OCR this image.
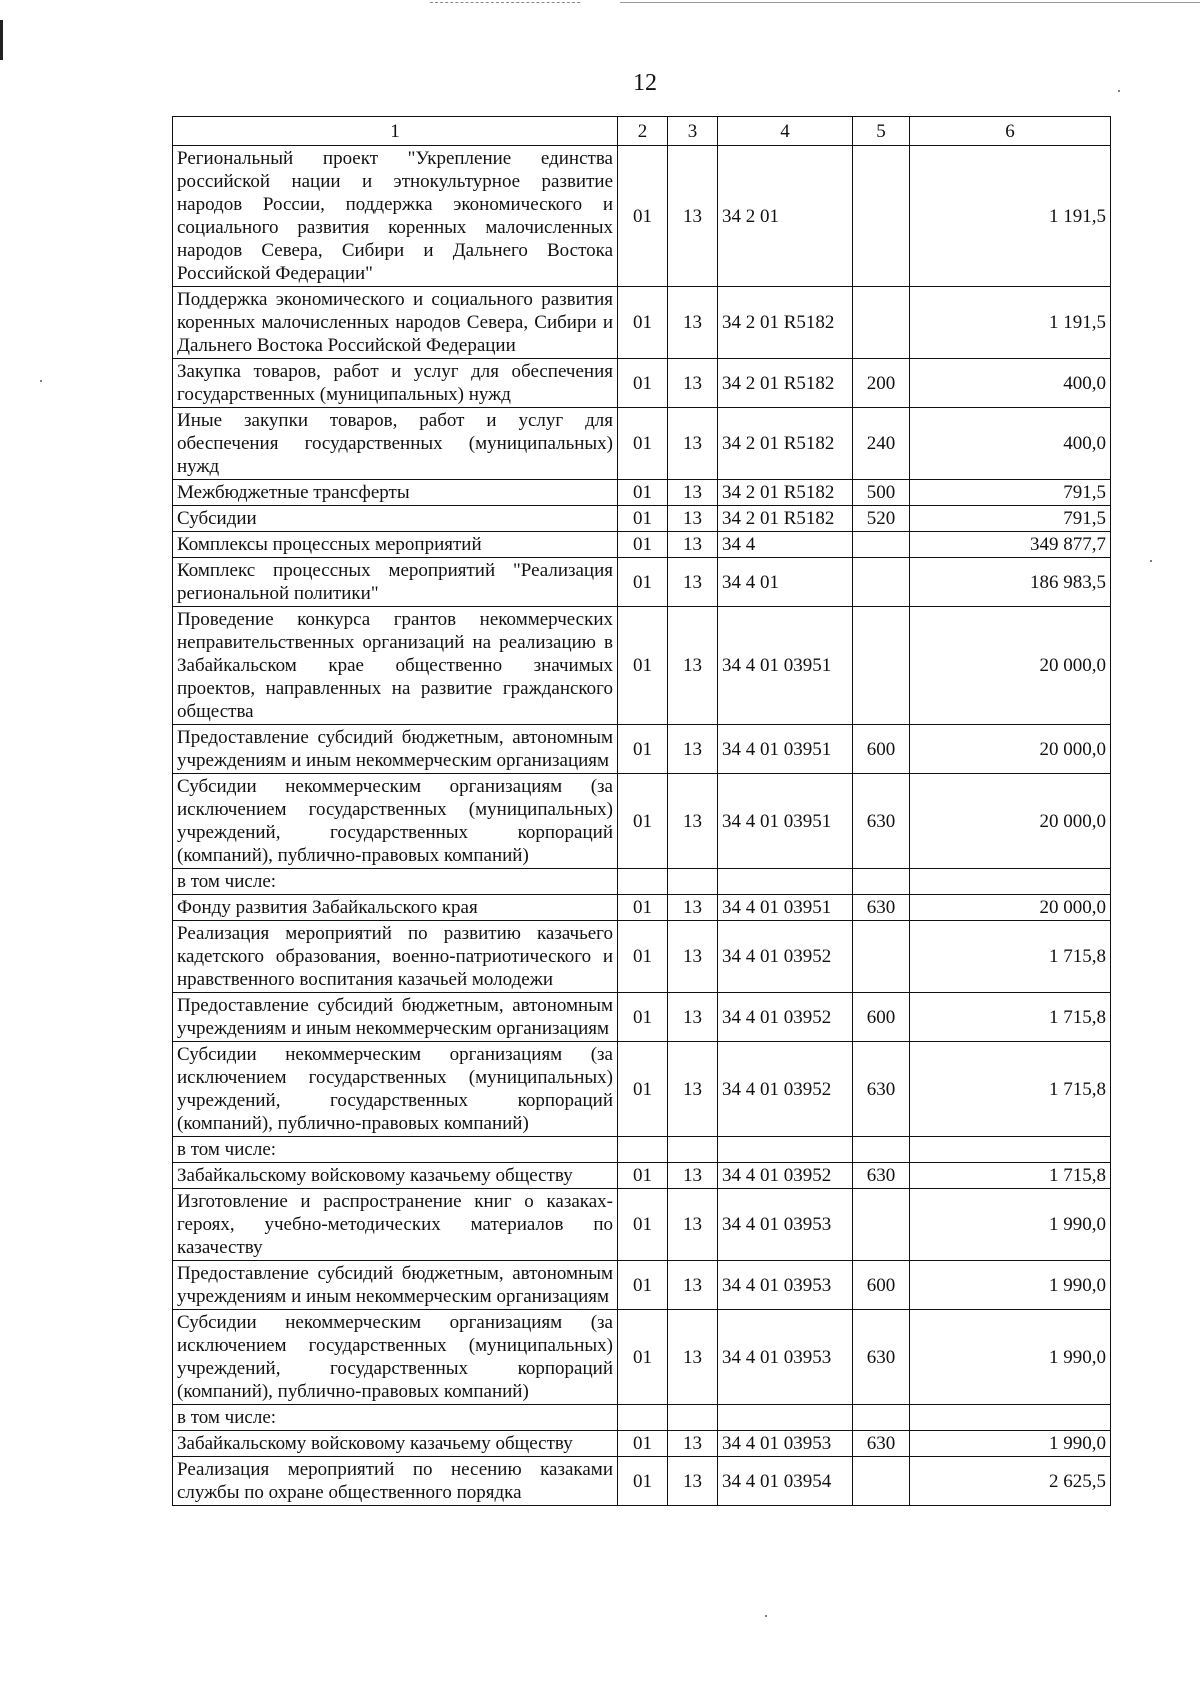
12
1	2	3	4	5	6
Региональный проект "Укрепление единства российской нации и этнокультурное развитие народов России, поддержка экономического и социального развития коренных малочисленных народов Севера, Сибири и Дальнего Востока Российской Федерации"	01	13	34 2 01		1 191,5
Поддержка экономического и социального развития коренных малочисленных народов Севера, Сибири и Дальнего Востока Российской Федерации	01	13	34 2 01 R5182		1 191,5
Закупка товаров, работ и услуг для обеспечения государственных (муниципальных) нужд	01	13	34 2 01 R5182	200	400,0
Иные закупки товаров, работ и услуг для обеспечения государственных (муниципальных) нужд	01	13	34 2 01 R5182	240	400,0
Межбюджетные трансферты	01	13	34 2 01 R5182	500	791,5
Субсидии	01	13	34 2 01 R5182	520	791,5
Комплексы процессных мероприятий	01	13	34 4		349 877,7
Комплекс процессных мероприятий "Реализация региональной политики"	01	13	34 4 01		186 983,5
Проведение конкурса грантов некоммерческих неправительственных организаций на реализацию в Забайкальском крае общественно значимых проектов, направленных на развитие гражданского общества	01	13	34 4 01 03951		20 000,0
Предоставление субсидий бюджетным, автономным учреждениям и иным некоммерческим организациям	01	13	34 4 01 03951	600	20 000,0
Субсидии некоммерческим организациям (за исключением государственных (муниципальных) учреждений, государственных корпораций (компаний), публично-правовых компаний)	01	13	34 4 01 03951	630	20 000,0
в том числе:					
Фонду развития Забайкальского края	01	13	34 4 01 03951	630	20 000,0
Реализация мероприятий по развитию казачьего кадетского образования, военно-патриотического и нравственного воспитания казачьей молодежи	01	13	34 4 01 03952		1 715,8
Предоставление субсидий бюджетным, автономным учреждениям и иным некоммерческим организациям	01	13	34 4 01 03952	600	1 715,8
Субсидии некоммерческим организациям (за исключением государственных (муниципальных) учреждений, государственных корпораций (компаний), публично-правовых компаний)	01	13	34 4 01 03952	630	1 715,8
в том числе:					
Забайкальскому войсковому казачьему обществу	01	13	34 4 01 03952	630	1 715,8
Изготовление и распространение книг о казаках-героях, учебно-методических материалов по казачеству	01	13	34 4 01 03953		1 990,0
Предоставление субсидий бюджетным, автономным учреждениям и иным некоммерческим организациям	01	13	34 4 01 03953	600	1 990,0
Субсидии некоммерческим организациям (за исключением государственных (муниципальных) учреждений, государственных корпораций (компаний), публично-правовых компаний)	01	13	34 4 01 03953	630	1 990,0
в том числе:					
Забайкальскому войсковому казачьему обществу	01	13	34 4 01 03953	630	1 990,0
Реализация мероприятий по несению казаками службы по охране общественного порядка	01	13	34 4 01 03954		2 625,5
